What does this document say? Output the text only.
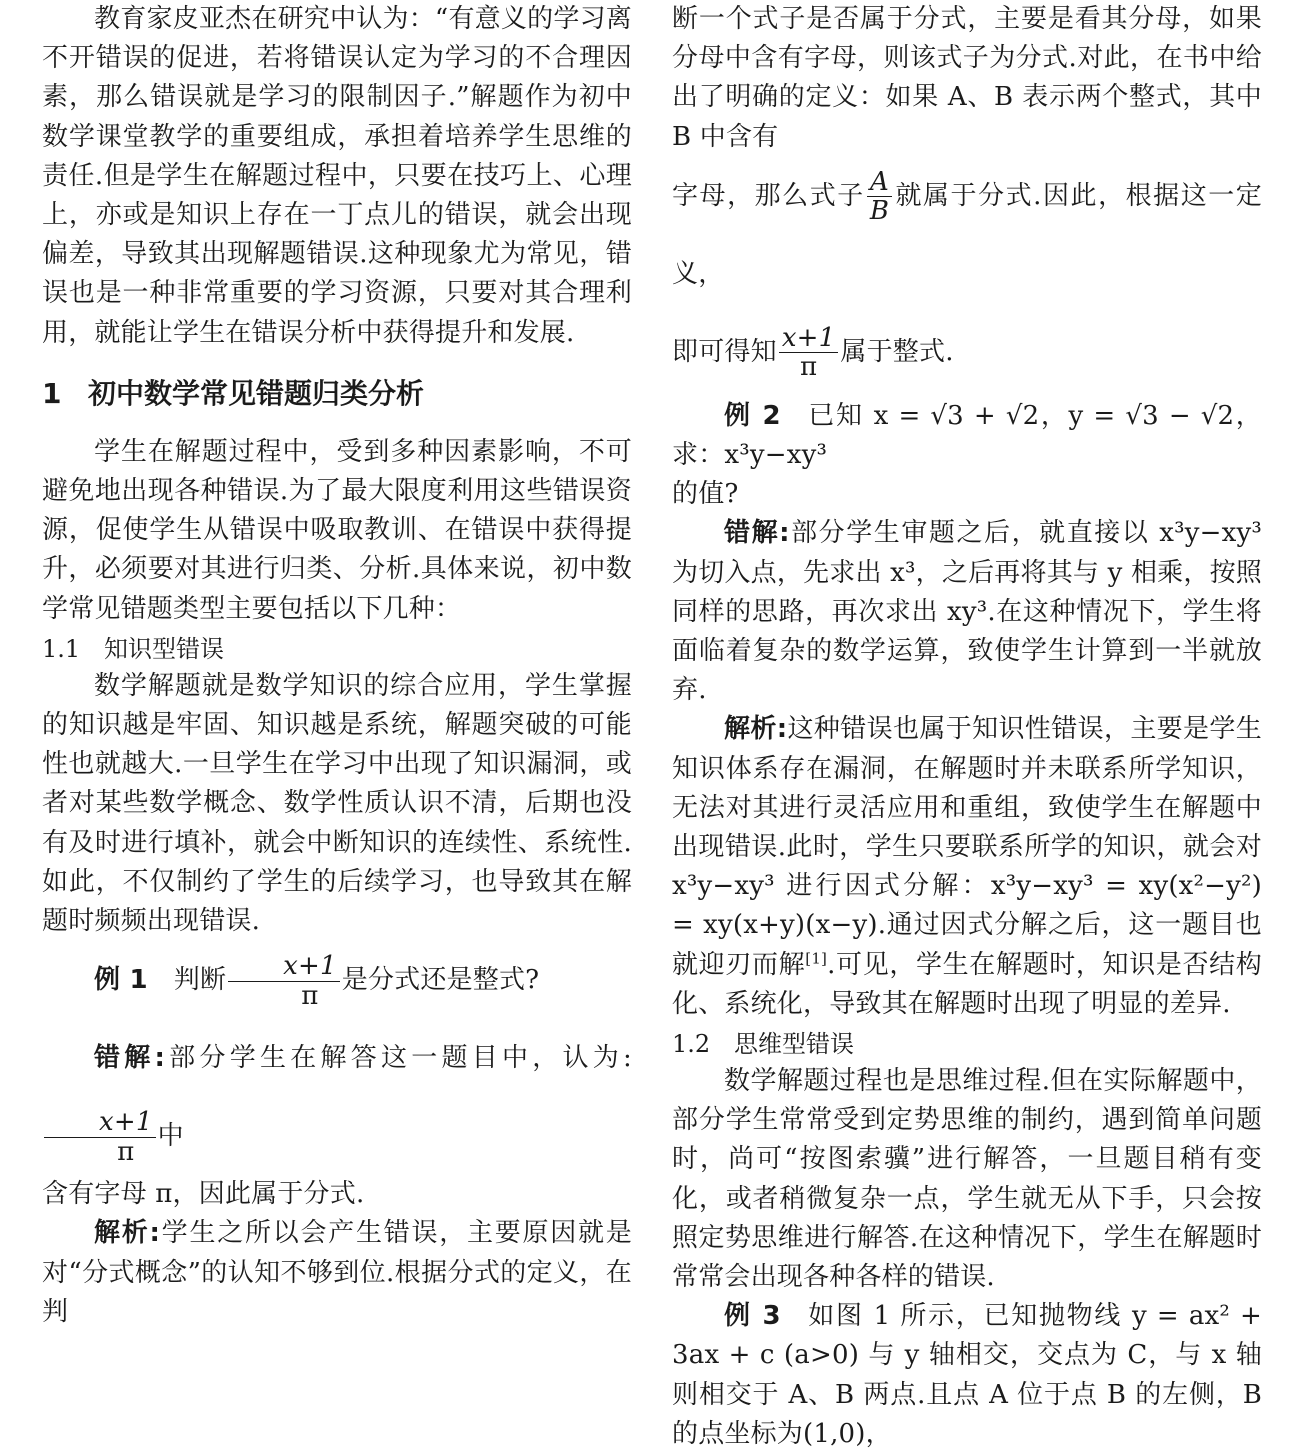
教育家皮亚杰在研究中认为：“有意义的学习离不开错误的促进，若将错误认定为学习的不合理因素，那么错误就是学习的限制因子.”解题作为初中数学课堂教学的重要组成，承担着培养学生思维的责任.但是学生在解题过程中，只要在技巧上、心理上，亦或是知识上存在一丁点儿的错误，就会出现偏差，导致其出现解题错误.这种现象尤为常见，错误也是一种非常重要的学习资源，只要对其合理利用，就能让学生在错误分析中获得提升和发展.

1 初中数学常见错题归类分析

学生在解题过程中，受到多种因素影响，不可避免地出现各种错误.为了最大限度利用这些错误资源，促使学生从错误中吸取教训、在错误中获得提升，必须要对其进行归类、分析.具体来说，初中数学常见错题类型主要包括以下几种：

1.1 知识型错误

数学解题就是数学知识的综合应用，学生掌握的知识越是牢固、知识越是系统，解题突破的可能性也就越大.一旦学生在学习中出现了知识漏洞，或者对某些数学概念、数学性质认识不清，后期也没有及时进行填补，就会中断知识的连续性、系统性.如此，不仅制约了学生的后续学习，也导致其在解题时频频出现错误.

例 1 判断 $\frac{x+1}{\pi}$ 是分式还是整式?

错解:部分学生在解答这一题目中，认为:
$\frac{x+1}{\pi}$ 中

含有字母 π，因此属于分式.

解析:学生之所以会产生错误，主要原因就是对“分式概念”的认知不够到位.根据分式的定义，在判

断一个式子是否属于分式，主要是看其分母，如果分母中含有字母，则该式子为分式.对此，在书中给出了明确的定义：如果 A、B 表示两个整式，其中 B 中含有

字母，那么式子 $\frac{A}{B}$ 就属于分式.因此，根据这一定义，

即可得知 $\frac{x+1}{\pi}$ 属于整式.

例 2 已知 x = √3 + √2，y = √3 − √2，求：x³y−xy³

的值?

错解:部分学生审题之后，就直接以 x³y−xy³ 为切入点，先求出 x³，之后再将其与 y 相乘，按照同样的思路，再次求出 xy³.在这种情况下，学生将面临着复杂的数学运算，致使学生计算到一半就放弃.

解析:这种错误也属于知识性错误，主要是学生知识体系存在漏洞，在解题时并未联系所学知识，无法对其进行灵活应用和重组，致使学生在解题中出现错误.此时，学生只要联系所学的知识，就会对 x³y−xy³ 进行因式分解：x³y−xy³ = xy(x²−y²) = xy(x+y)(x−y).通过因式分解之后，这一题目也就迎刃而解[1].可见，学生在解题时，知识是否结构化、系统化，导致其在解题时出现了明显的差异.

1.2 思维型错误

数学解题过程也是思维过程.但在实际解题中，部分学生常常受到定势思维的制约，遇到简单问题时，尚可“按图索骥”进行解答，一旦题目稍有变化，或者稍微复杂一点，学生就无从下手，只会按照定势思维进行解答.在这种情况下，学生在解题时常常会出现各种各样的错误.

例 3 如图 1 所示，已知抛物线 y = ax² + 3ax + c (a>0) 与 y 轴相交，交点为 C，与 x 轴则相交于 A、B 两点.且点 A 位于点 B 的左侧，B 的点坐标为(1,0)，
